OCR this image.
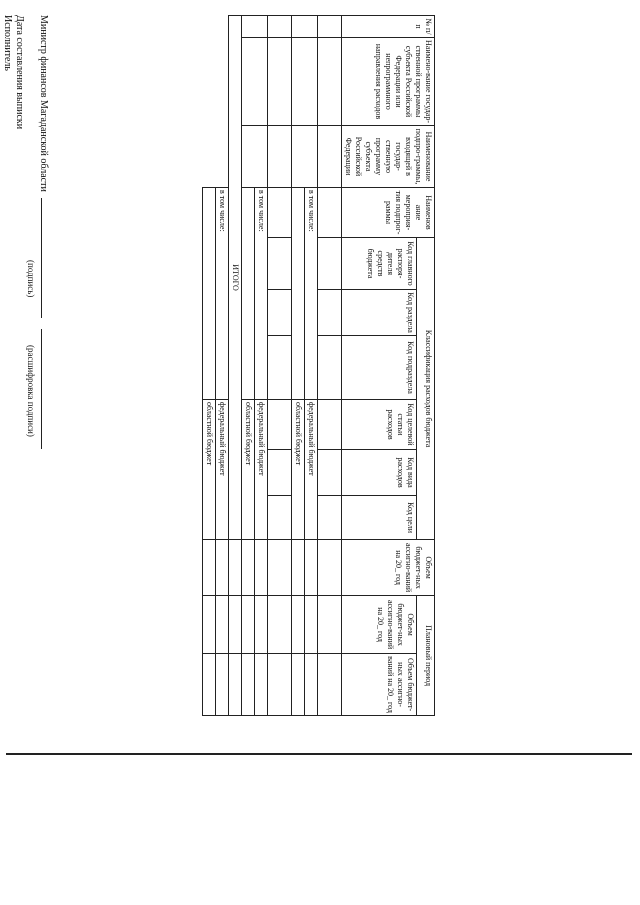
№ п/п	Наимено-вание государ-ственной программы субъекта Российской Федерации или непрограммного направления расходов	Наименование подпро-граммы, входящей в государ-ственную программу субъекта Российской Федерации	Наименов ание мероприя-тия подпрог-раммы	Классификация расходов бюджета						Объем бюджет-ных ассигно-ваний на 20_ год	Плановый период	
				Код главного распоря-дителя средств бюджета	Код раздела	Код подраздела	Код целевой статьи расходов	Код вида расходов	Код цели		Объем бюджет-ных ассигно-ваний на 20_ год	Объем бюджет-ных ассигно-ваний на 20_ год

			в том числе:				федеральный бюджет					
							областной бюджет					

			в том числе:				федеральный бюджет					
							областной бюджет					
ИТОГО												
			в том числе:				федеральный бюджет					
							областной бюджет					
Министр финансов Магаданской области
(подпись)
(расшифровка подписи)
Дата составления выписки
Исполнитель
